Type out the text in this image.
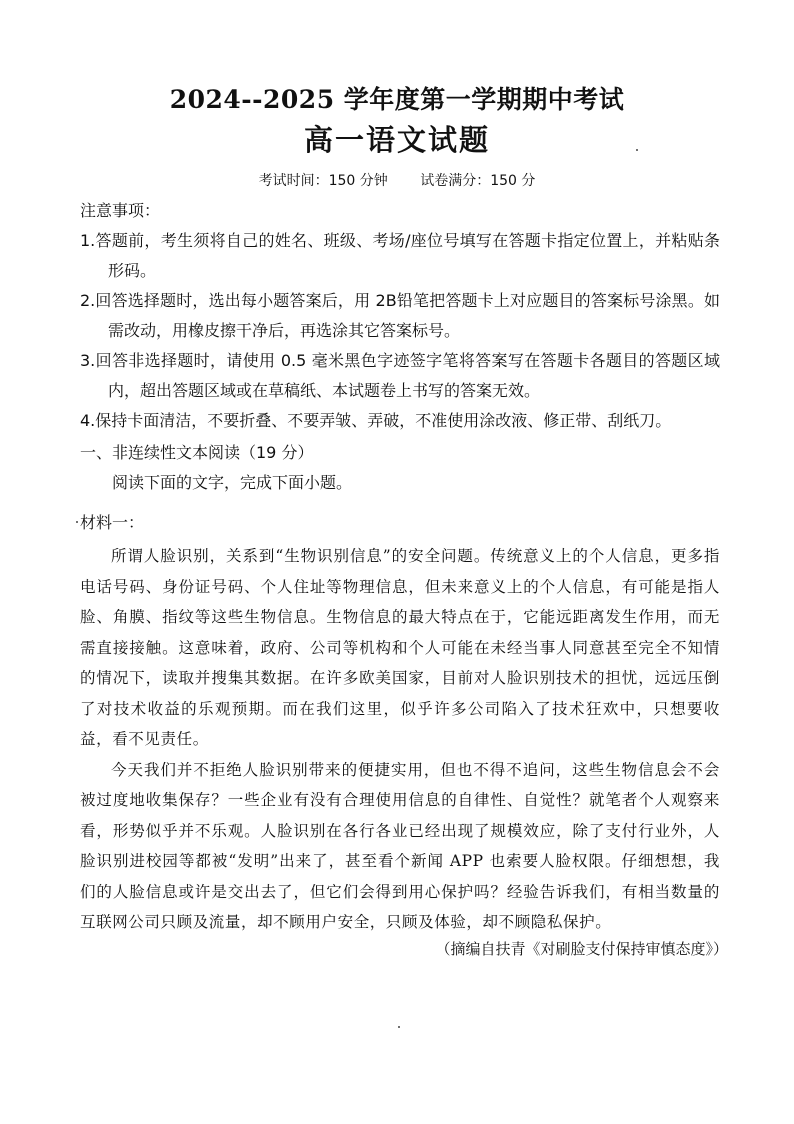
2024--2025 学年度第一学期期中考试
高一语文试题
考试时间：150 分钟 试卷满分：150 分
注意事项：
1.答题前，考生须将自己的姓名、班级、考场/座位号填写在答题卡指定位置上，并粘贴条形码。
2.回答选择题时，选出每小题答案后，用 2B铅笔把答题卡上对应题目的答案标号涂黑。如需改动，用橡皮擦干净后，再选涂其它答案标号。
3.回答非选择题时，请使用 0.5 毫米黑色字迹签字笔将答案写在答题卡各题目的答题区域内，超出答题区域或在草稿纸、本试题卷上书写的答案无效。
4.保持卡面清洁，不要折叠、不要弄皱、弄破，不准使用涂改液、修正带、刮纸刀。
一、非连续性文本阅读（19 分）
阅读下面的文字，完成下面小题。
材料一：

所谓人脸识别，关系到“生物识别信息”的安全问题。传统意义上的个人信息，更多指电话号码、身份证号码、个人住址等物理信息，但未来意义上的个人信息，有可能是指人脸、角膜、指纹等这些生物信息。生物信息的最大特点在于，它能远距离发生作用，而无需直接接触。这意味着，政府、公司等机构和个人可能在未经当事人同意甚至完全不知情的情况下，读取并搜集其数据。在许多欧美国家，目前对人脸识别技术的担忧，远远压倒了对技术收益的乐观预期。而在我们这里，似乎许多公司陷入了技术狂欢中，只想要收益，看不见责任。

今天我们并不拒绝人脸识别带来的便捷实用，但也不得不追问，这些生物信息会不会被过度地收集保存？一些企业有没有合理使用信息的自律性、自觉性？就笔者个人观察来看，形势似乎并不乐观。人脸识别在各行各业已经出现了规模效应，除了支付行业外，人脸识别进校园等都被“发明”出来了，甚至看个新闻 APP 也索要人脸权限。仔细想想，我们的人脸信息或许是交出去了，但它们会得到用心保护吗？经验告诉我们，有相当数量的互联网公司只顾及流量，却不顾用户安全，只顾及体验，却不顾隐私保护。

（摘编自扶青《对刷脸支付保持审慎态度》）
